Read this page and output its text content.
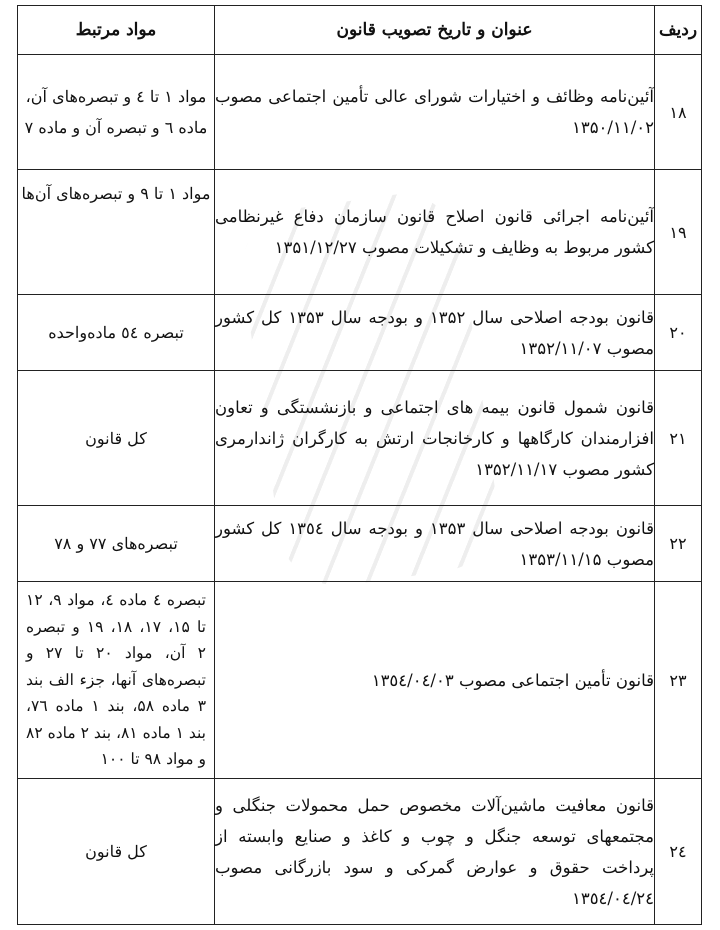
ردیف	عنوان و تاریخ تصویب قانون	مواد مرتبط
۱۸	آئین‌نامه وظائف و اختیارات شورای عالی تأمین اجتماعی مصوب ۱۳۵۰/۱۱/۰۲	مواد ۱ تا ٤ و تبصره‌های آن، ماده ٦ و تبصره آن و ماده ۷
۱۹	آئین‌نامه اجرائی قانون اصلاح قانون سازمان دفاع غیرنظامی کشور مربوط به وظایف و تشکیلات مصوب ۱۳۵۱/۱۲/۲۷	مواد ۱ تا ۹ و تبصره‌های آن‌ها
۲۰	قانون بودجه اصلاحی سال ۱۳۵۲ و بودجه سال ۱۳۵۳ کل کشور مصوب ۱۳۵۲/۱۱/۰۷	تبصره ٥٤ ماده‌واحده
۲۱	قانون شمول قانون بیمه های اجتماعی و بازنشستگی و تعاون افزارمندان کارگاهها و کارخانجات ارتش به کارگران ژاندارمری کشور مصوب ۱۳۵۲/۱۱/۱۷	کل قانون
۲۲	قانون بودجه اصلاحی سال ۱۳۵۳ و بودجه سال ۱۳٥٤ کل کشور مصوب ۱۳۵۳/۱۱/۱۵	تبصره‌های ۷۷ و ۷۸
۲۳	قانون تأمین اجتماعی مصوب ۱۳٥٤/۰٤/۰۳	تبصره ٤ ماده ٤، مواد ۹، ۱۲ تا ۱۵، ۱۷، ۱۸، ۱۹ و تبصره ۲ آن، مواد ۲۰ تا ۲۷ و تبصره‌های آنها، جزء الف بند ۳ ماده ۵۸، بند ۱ ماده ۷٦، بند ۱ ماده ۸۱، بند ۲ ماده ۸۲ و مواد ۹۸ تا ۱۰۰
۲٤	قانون معافیت ماشین‌آلات مخصوص حمل محمولات جنگلی و مجتمعهای توسعه جنگل و چوب و کاغذ و صنایع وابسته از پرداخت حقوق و عوارض گمرکی و سود بازرگانی مصوب ۱۳٥٤/۰٤/۲٤	کل قانون
